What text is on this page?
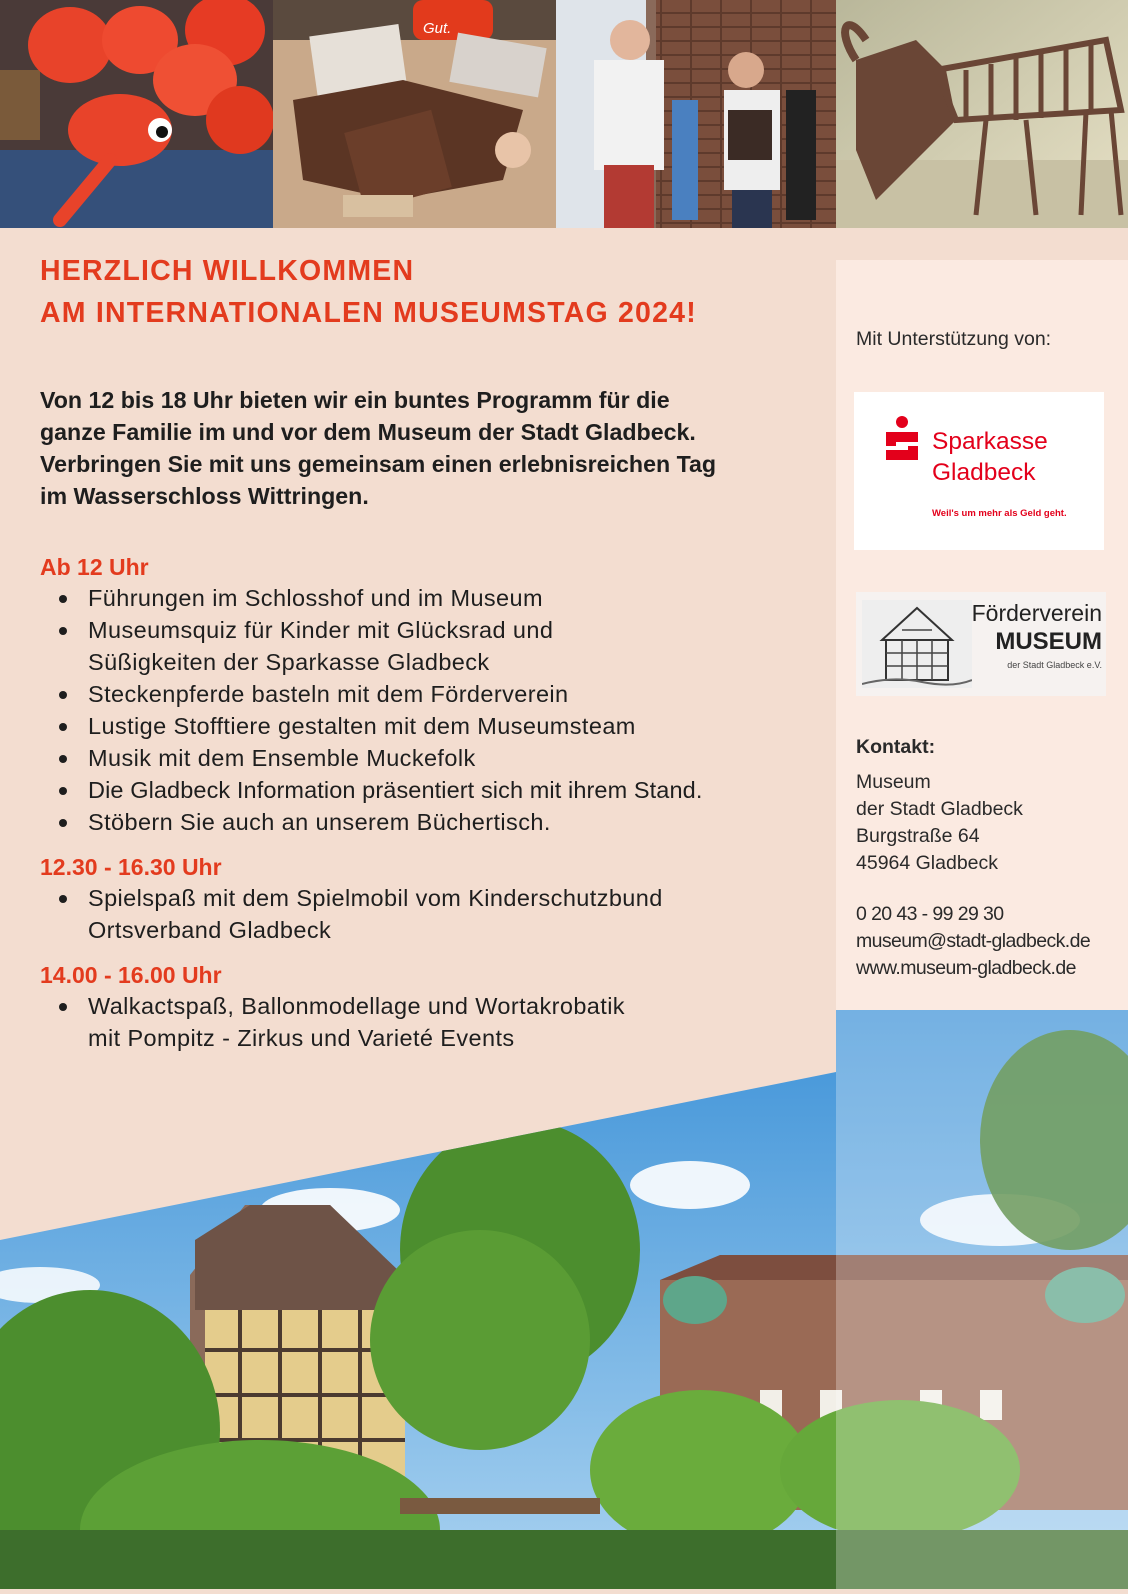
Gut.
HERZLICH WILLKOMMEN
AM INTERNATIONALEN MUSEUMSTAG 2024!

Von 12 bis 18 Uhr bieten wir ein buntes Programm für die
ganze Familie im und vor dem Museum der Stadt Gladbeck.
Verbringen Sie mit uns gemeinsam einen erlebnisreichen Tag
im Wasserschloss Wittringen.

Ab 12 Uhr

Führungen im Schlosshof und im Museum
Museumsquiz für Kinder mit Glücksrad und
Süßigkeiten der Sparkasse Gladbeck
Steckenpferde basteln mit dem Förderverein
Lustige Stofftiere gestalten mit dem Museumsteam
Musik mit dem Ensemble Muckefolk
Die Gladbeck Information präsentiert sich mit ihrem Stand.
Stöbern Sie auch an unserem Büchertisch.

12.30 - 16.30 Uhr

Spielspaß mit dem Spielmobil vom Kinderschutzbund
Ortsverband Gladbeck

14.00 - 16.00 Uhr

Walkactspaß, Ballonmodellage und Wortakrobatik
mit Pompitz - Zirkus und Varieté Events
Mit Unterstützung von:
Sparkasse
Gladbeck
Weil's um mehr als Geld geht.
Förderverein
MUSEUM
der Stadt Gladbeck e.V.
Kontakt:
Museum
der Stadt Gladbeck
Burgstraße 64
45964 Gladbeck
0 20 43 - 99 29 30
museum@stadt-gladbeck.de
www.museum-gladbeck.de
